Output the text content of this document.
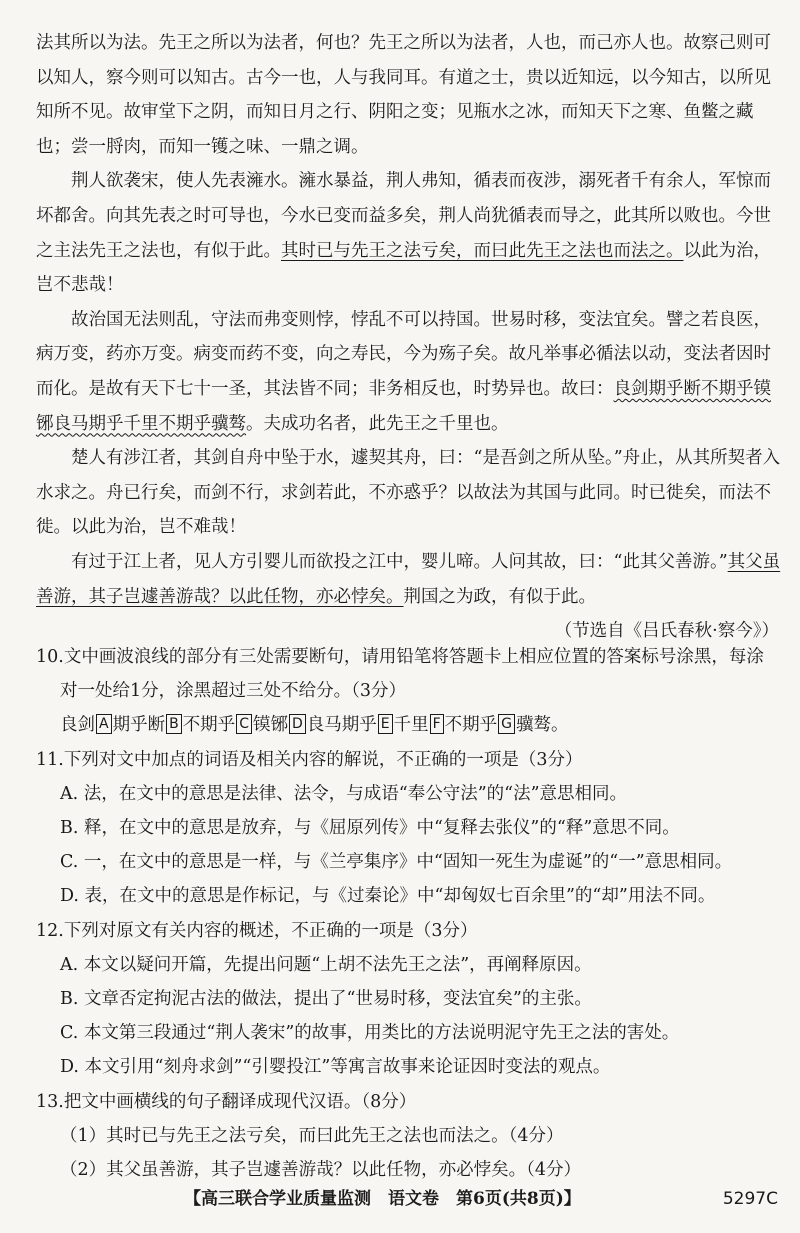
法其所以为法。先王之所以为法者，何也？先王之所以为法者，人也，而己亦人也。故察己则可以知人，察今则可以知古。古今一也，人与我同耳。有道之士，贵以近知远，以今知古，以所见知所不见。故审堂下之阴，而知日月之行、阴阳之变；见瓶水之冰，而知天下之寒、鱼鳖之藏也；尝一脟肉，而知一镬之味、一鼎之调。

荆人欲袭宋，使人先表澭水。澭水暴益，荆人弗知，循表而夜涉，溺死者千有余人，军惊而坏都舍。向其先表之时可导也，今水已变而益多矣，荆人尚犹循表而导之，此其所以败也。今世之主法先王之法也，有似于此。其时已与先王之法亏矣，而曰此先王之法也而法之。以此为治，岂不悲哉！

故治国无法则乱，守法而弗变则悖，悖乱不可以持国。世易时移，变法宜矣。譬之若良医，病万变，药亦万变。病变而药不变，向之寿民，今为殇子矣。故凡举事必循法以动，变法者因时而化。是故有天下七十一圣，其法皆不同；非务相反也，时势异也。故曰：良剑期乎断不期乎镆铘良马期乎千里不期乎骥骜。夫成功名者，此先王之千里也。

楚人有涉江者，其剑自舟中坠于水，遽契其舟，曰：“是吾剑之所从坠。”舟止，从其所契者入水求之。舟已行矣，而剑不行，求剑若此，不亦惑乎？以故法为其国与此同。时已徙矣，而法不徙。以此为治，岂不难哉！

有过于江上者，见人方引婴儿而欲投之江中，婴儿啼。人问其故，曰：“此其父善游。”其父虽善游，其子岂遽善游哉？以此任物，亦必悖矣。荆国之为政，有似于此。

（节选自《吕氏春秋·察今》）

10.文中画波浪线的部分有三处需要断句，请用铅笔将答题卡上相应位置的答案标号涂黑，每涂

对一处给1分，涂黑超过三处不给分。（3分）

良剑 A 期乎断 B 不期乎 C 镆铘 D 良马期乎 E 千里 F 不期乎 G 骥骜。

11.下列对文中加点的词语及相关内容的解说，不正确的一项是（3分）

A. 法，在文中的意思是法律、法令，与成语“奉公守法”的“法”意思相同。

B. 释，在文中的意思是放弃，与《屈原列传》中“复释去张仪”的“释”意思不同。

C. 一，在文中的意思是一样，与《兰亭集序》中“固知一死生为虚诞”的“一”意思相同。

D. 表，在文中的意思是作标记，与《过秦论》中“却匈奴七百余里”的“却”用法不同。

12.下列对原文有关内容的概述，不正确的一项是（3分）

A. 本文以疑问开篇，先提出问题“上胡不法先王之法”，再阐释原因。

B. 文章否定拘泥古法的做法，提出了“世易时移，变法宜矣”的主张。

C. 本文第三段通过“荆人袭宋”的故事，用类比的方法说明泥守先王之法的害处。

D. 本文引用“刻舟求剑”“引婴投江”等寓言故事来论证因时变法的观点。

13.把文中画横线的句子翻译成现代汉语。（8分）

（1）其时已与先王之法亏矣，而曰此先王之法也而法之。（4分）

（2）其父虽善游，其子岂遽善游哉？以此任物，亦必悖矣。（4分）

【高三联合学业质量监测　语文卷　第6页(共8页)】	5297C
